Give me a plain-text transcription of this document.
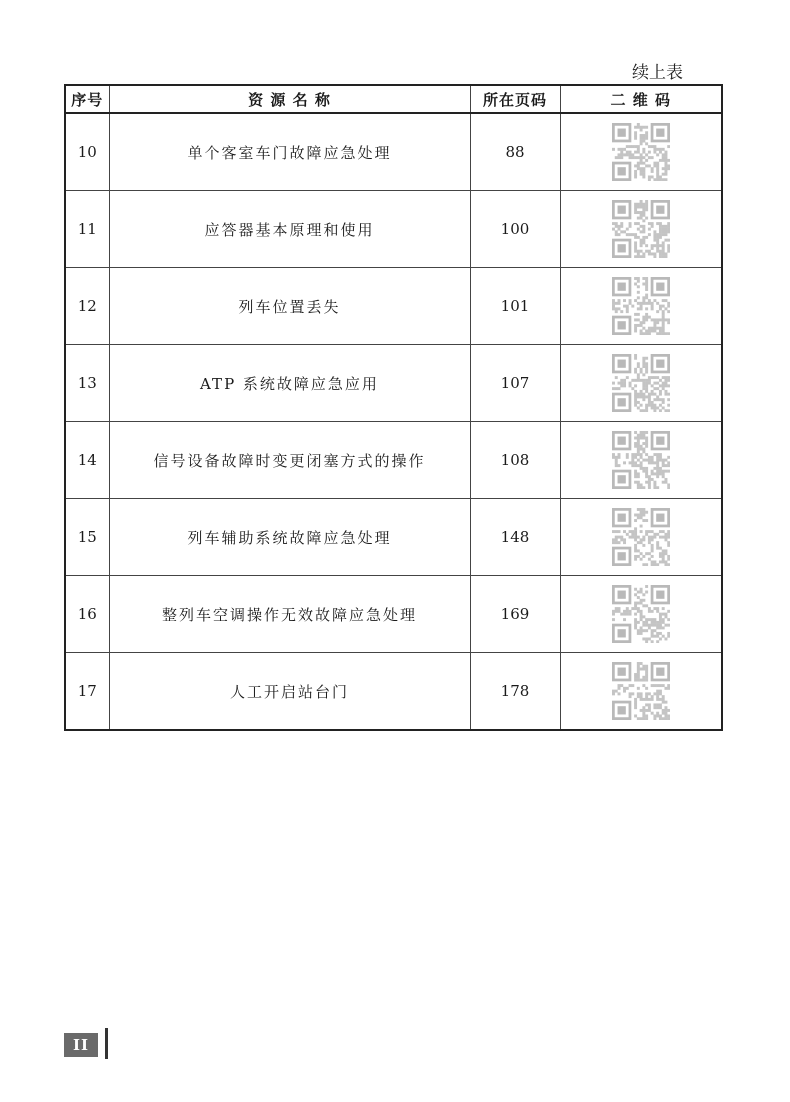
续上表
序号	资 源 名 称	所在页码	二 维 码
10	单个客室车门故障应急处理	88	

11	应答器基本原理和使用	100	

12	列车位置丢失	101	

13	ATP 系统故障应急应用	107	

14	信号设备故障时变更闭塞方式的操作	108	

15	列车辅助系统故障应急处理	148	

16	整列车空调操作无效故障应急处理	169	

17	人工开启站台门	178	
II
